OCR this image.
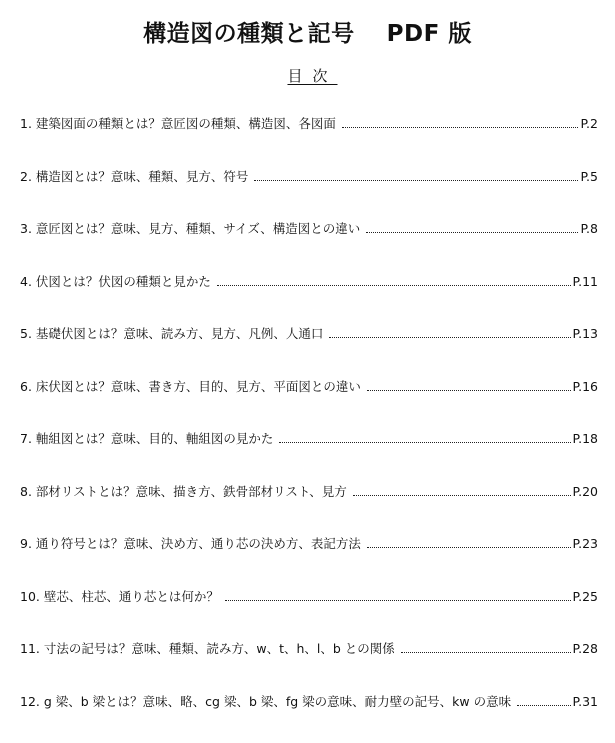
構造図の種類と記号　 PDF 版
目次
1. 建築図面の種類とは？意匠図の種類、構造図、各図面	P.2
2. 構造図とは？意味、種類、見方、符号	P.5
3. 意匠図とは？意味、見方、種類、サイズ、構造図との違い	P.8
4. 伏図とは？伏図の種類と見かた	P.11
5. 基礎伏図とは？意味、読み方、見方、凡例、人通口	P.13
6. 床伏図とは？意味、書き方、目的、見方、平面図との違い	P.16
7. 軸組図とは？意味、目的、軸組図の見かた	P.18
8. 部材リストとは？意味、描き方、鉄骨部材リスト、見方	P.20
9. 通り符号とは？意味、決め方、通り芯の決め方、表記方法	P.23
10. 壁芯、柱芯、通り芯とは何か？	P.25
11. 寸法の記号は？意味、種類、読み方、w、t、h、l、b との関係	P.28
12. g 梁、b 梁とは？意味、略、cg 梁、b 梁、fg 梁の意味、耐力壁の記号、kw の意味	P.31
